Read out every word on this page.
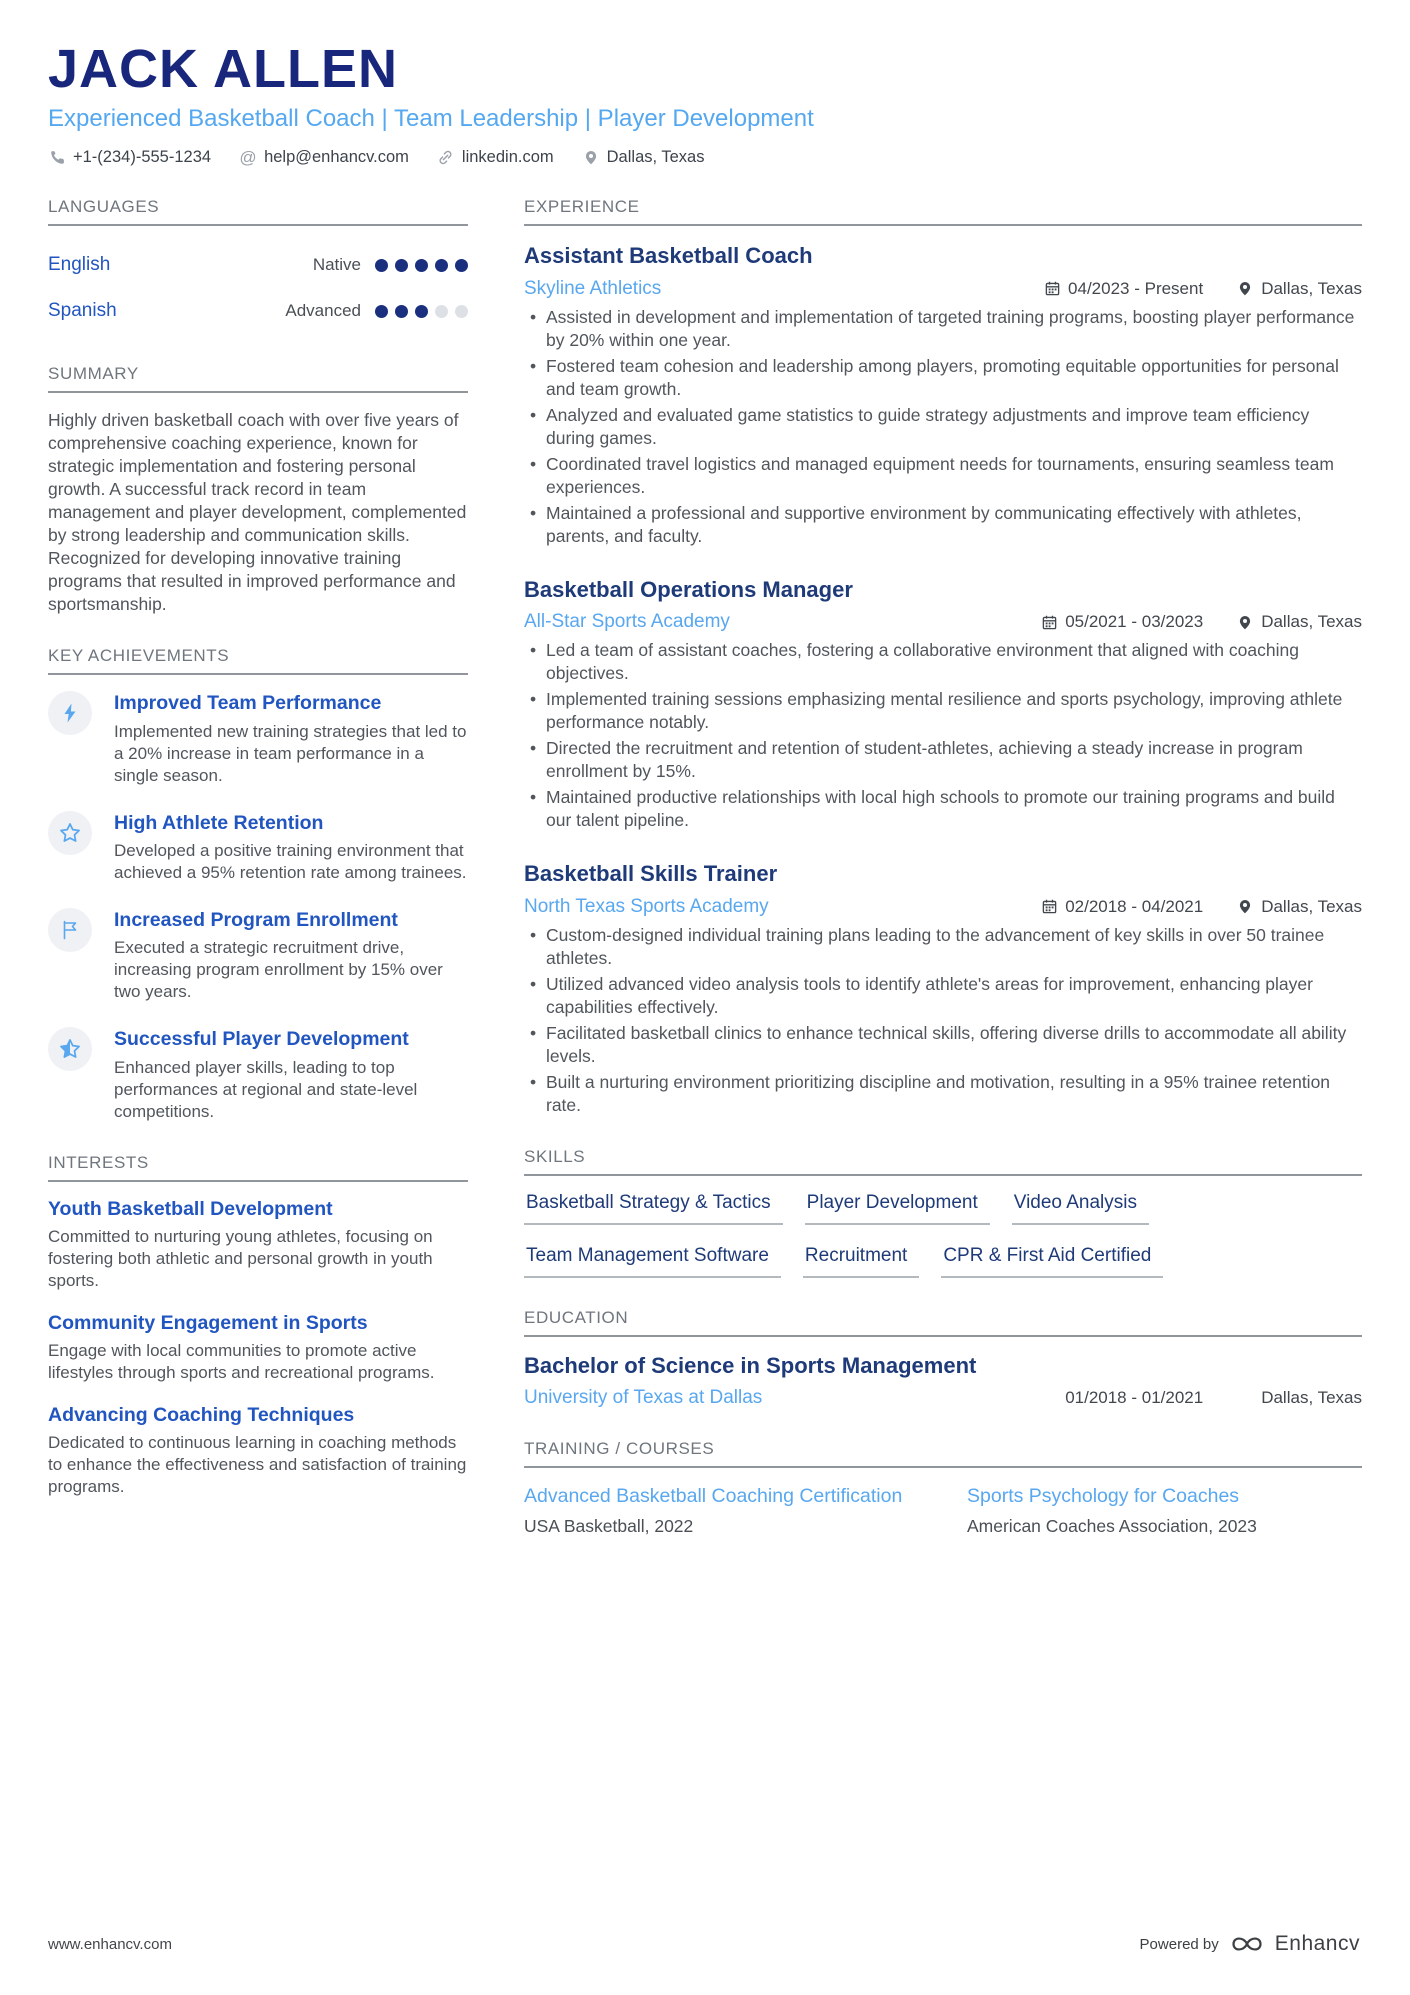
JACK ALLEN
Experienced Basketball Coach | Team Leadership | Player Development
+1-(234)-555-1234 @ help@enhancv.com	linkedin.com	Dallas, Texas
LANGUAGES
English	Native
Spanish	Advanced
SUMMARY

Highly driven basketball coach with over five years of comprehensive coaching experience, known for strategic implementation and fostering personal growth. A successful track record in team management and player development, complemented by strong leadership and communication skills. Recognized for developing innovative training programs that resulted in improved performance and sportsmanship.

KEY ACHIEVEMENTS
Improved Team Performance
Implemented new training strategies that led to a 20% increase in team performance in a single season.
High Athlete Retention
Developed a positive training environment that achieved a 95% retention rate among trainees.
Increased Program Enrollment
Executed a strategic recruitment drive, increasing program enrollment by 15% over two years.
Successful Player Development
Enhanced player skills, leading to top performances at regional and state-level competitions.
INTERESTS
Youth Basketball Development
Committed to nurturing young athletes, focusing on fostering both athletic and personal growth in youth sports.
Community Engagement in Sports
Engage with local communities to promote active lifestyles through sports and recreational programs.
Advancing Coaching Techniques
Dedicated to continuous learning in coaching methods to enhance the effectiveness and satisfaction of training programs.
EXPERIENCE
Assistant Basketball Coach
Skyline Athletics	04/2023 - Present	Dallas, Texas
• Assisted in development and implementation of targeted training programs, boosting player performance by 20% within one year.
• Fostered team cohesion and leadership among players, promoting equitable opportunities for personal and team growth.
• Analyzed and evaluated game statistics to guide strategy adjustments and improve team efficiency during games.
• Coordinated travel logistics and managed equipment needs for tournaments, ensuring seamless team experiences.
• Maintained a professional and supportive environment by communicating effectively with athletes, parents, and faculty.
Basketball Operations Manager
All-Star Sports Academy	05/2021 - 03/2023	Dallas, Texas
• Led a team of assistant coaches, fostering a collaborative environment that aligned with coaching objectives.
• Implemented training sessions emphasizing mental resilience and sports psychology, improving athlete performance notably.
• Directed the recruitment and retention of student-athletes, achieving a steady increase in program enrollment by 15%.
• Maintained productive relationships with local high schools to promote our training programs and build our talent pipeline.
Basketball Skills Trainer
North Texas Sports Academy	02/2018 - 04/2021	Dallas, Texas
• Custom-designed individual training plans leading to the advancement of key skills in over 50 trainee athletes.
• Utilized advanced video analysis tools to identify athlete's areas for improvement, enhancing player capabilities effectively.
• Facilitated basketball clinics to enhance technical skills, offering diverse drills to accommodate all ability levels.
• Built a nurturing environment prioritizing discipline and motivation, resulting in a 95% trainee retention rate.
SKILLS
Basketball Strategy & Tactics	Player Development	Video Analysis
Team Management Software	Recruitment	CPR & First Aid Certified
EDUCATION
Bachelor of Science in Sports Management
University of Texas at Dallas	01/2018 - 01/2021	Dallas, Texas
TRAINING / COURSES
Advanced Basketball Coaching Certification
USA Basketball, 2022
Sports Psychology for Coaches
American Coaches Association, 2023
www.enhancv.com	Powered by	Enhancv
